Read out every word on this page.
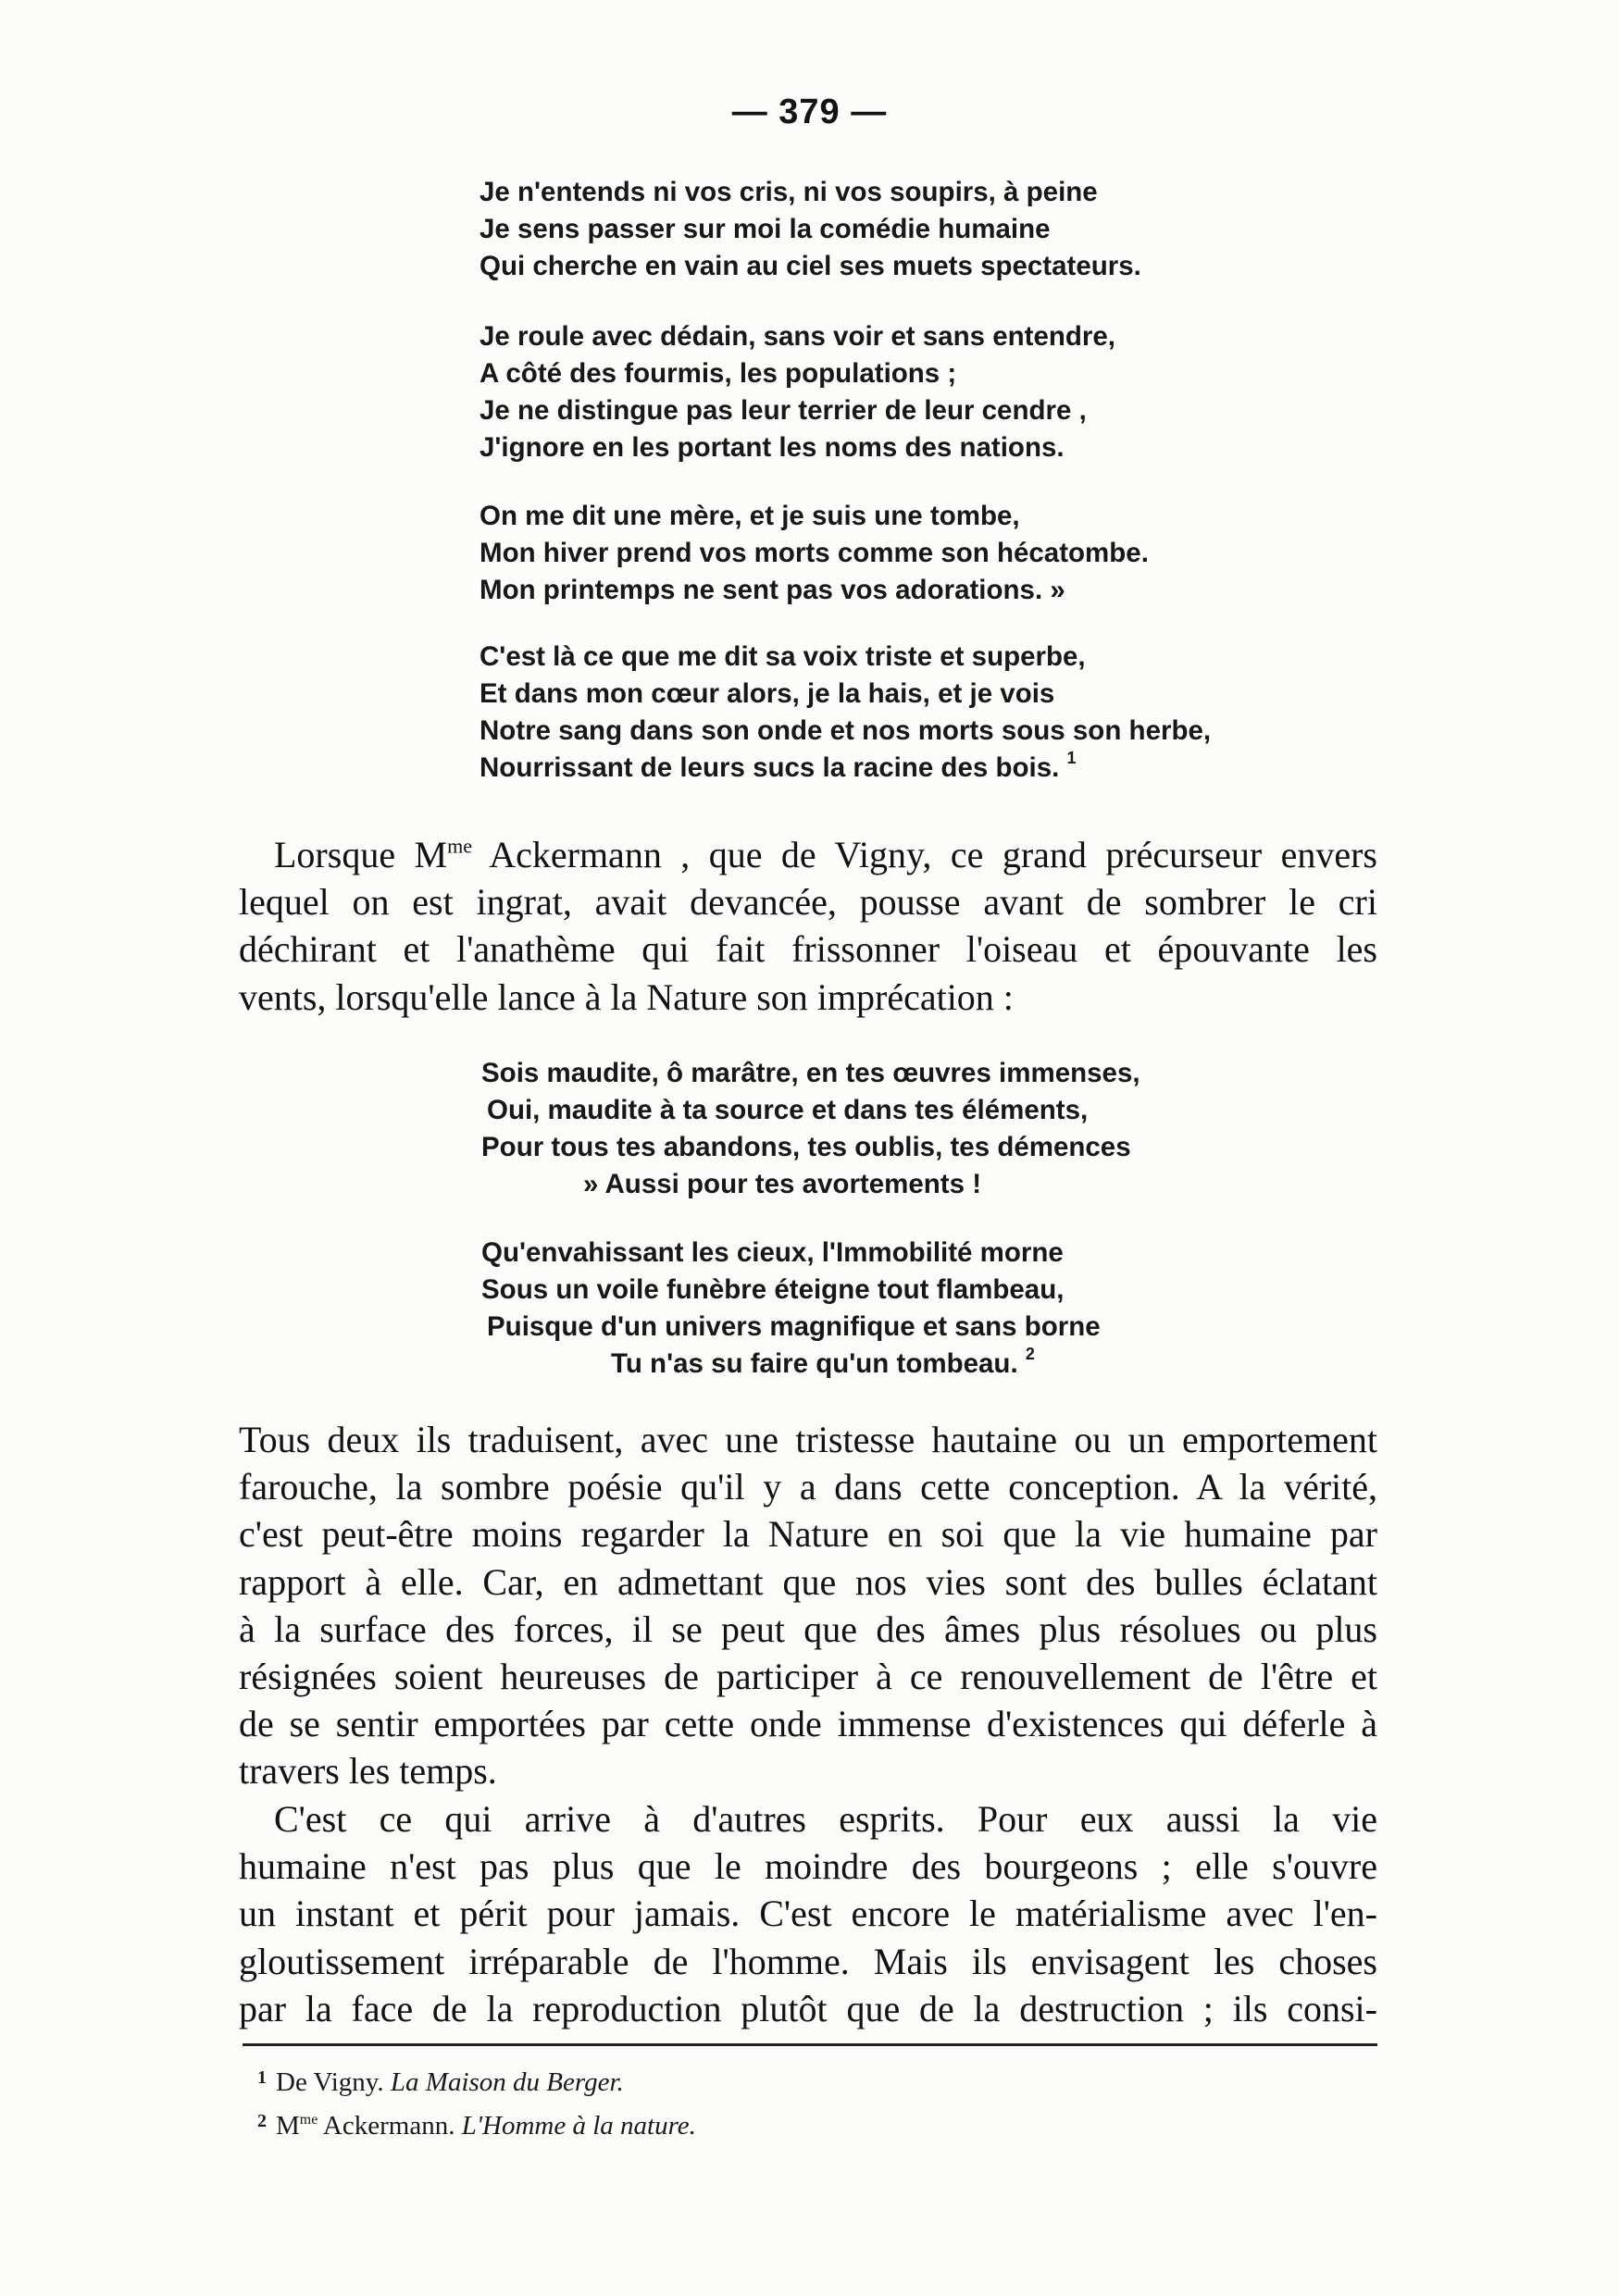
— 379 —
Je n'entends ni vos cris, ni vos soupirs, à peine
Je sens passer sur moi la comédie humaine
Qui cherche en vain au ciel ses muets spectateurs.
Je roule avec dédain, sans voir et sans entendre,
A côté des fourmis, les populations ;
Je ne distingue pas leur terrier de leur cendre ,
J'ignore en les portant les noms des nations.
On me dit une mère, et je suis une tombe,
Mon hiver prend vos morts comme son hécatombe.
Mon printemps ne sent pas vos adorations. »
C'est là ce que me dit sa voix triste et superbe,
Et dans mon cœur alors, je la hais, et je vois
Notre sang dans son onde et nos morts sous son herbe,
Nourrissant de leurs sucs la racine des bois. $^1$
Lorsque $M^{me}$ Ackermann , que de Vigny, ce grand précurseur envers
lequel on est ingrat, avait devancée, pousse avant de sombrer le cri
déchirant et l'anathème qui fait frissonner l'oiseau et épouvante les
vents, lorsqu'elle lance à la Nature son imprécation :
Sois maudite, ô marâtre, en tes œuvres immenses,
Oui, maudite à ta source et dans tes éléments,
Pour tous tes abandons, tes oublis, tes démences
» Aussi pour tes avortements !
Qu'envahissant les cieux, l'Immobilité morne
Sous un voile funèbre éteigne tout flambeau,
Puisque d'un univers magnifique et sans borne
Tu n'as su faire qu'un tombeau. $^2$
Tous deux ils traduisent, avec une tristesse hautaine ou un emportement
farouche, la sombre poésie qu'il y a dans cette conception. A la vérité,
c'est peut-être moins regarder la Nature en soi que la vie humaine par
rapport à elle. Car, en admettant que nos vies sont des bulles éclatant
à la surface des forces, il se peut que des âmes plus résolues ou plus
résignées soient heureuses de participer à ce renouvellement de l'être et
de se sentir emportées par cette onde immense d'existences qui déferle à
travers les temps.
C'est ce qui arrive à d'autres esprits. Pour eux aussi la vie
humaine n'est pas plus que le moindre des bourgeons ; elle s'ouvre
un instant et périt pour jamais. C'est encore le matérialisme avec l'en-
gloutissement irréparable de l'homme. Mais ils envisagent les choses
par la face de la reproduction plutôt que de la destruction ; ils consi-
$^1$ De Vigny. La Maison du Berger.
$^2$ $M^{me}$ Ackermann. L'Homme à la nature.
